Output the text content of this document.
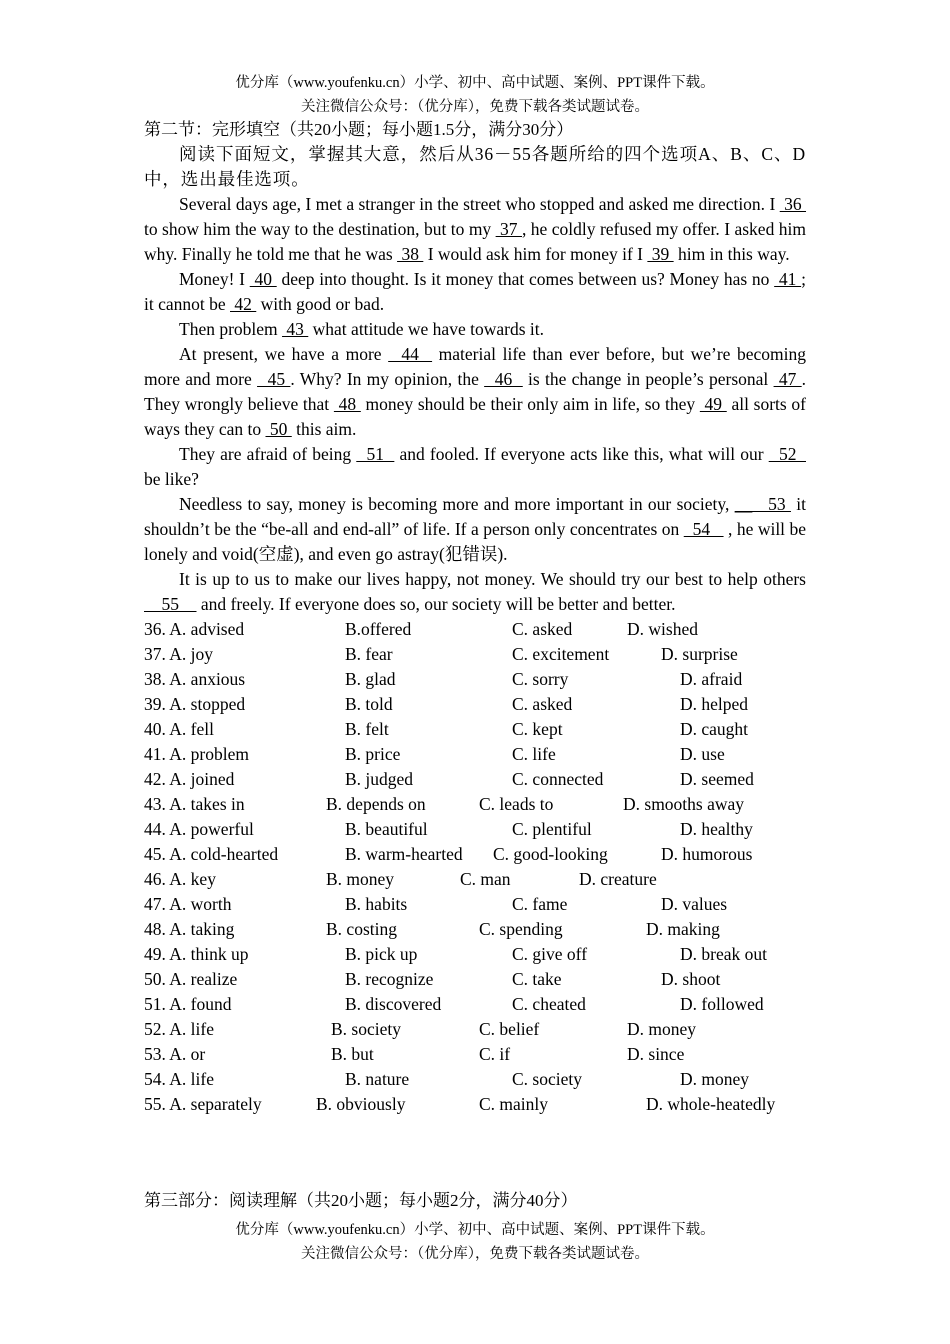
优分库（www.youfenku.cn）小学、初中、高中试题、案例、PPT课件下载。
关注微信公众号：（优分库），免费下载各类试题试卷。

第二节：完形填空（共20小题；每小题1.5分，满分30分）

阅读下面短文，掌握其大意，然后从36－55各题所给的四个选项A、B、C、D中，选出最佳选项。

Several days age, I met a stranger in the street who stopped and asked me direction. I  36  to show him the way to the destination, but to my  37 , he coldly refused my offer. I asked him why. Finally he told me that he was  38  I would ask him for money if I  39  him in this way.

Money! I  40  deep into thought. Is it money that comes between us? Money has no  41 ; it cannot be  42  with good or bad.

Then problem  43  what attitude we have towards it.

At present, we have a more   44   material life than ever before, but we’re becoming more and more   45 . Why? In my opinion, the   46   is the change in people’s personal  47 . They wrongly believe that  48  money should be their only aim in life, so they  49  all sorts of ways they can to  50  this aim.

They are afraid of being   51   and fooled. If everyone acts like this, what will our   52   be like?

Needless to say, money is becoming more and more important in our society, __   53  it shouldn’t be the “be-all and end-all” of life. If a person only concentrates on   54    , he will be lonely and void(空虚), and even go astray(犯错误).

It is up to us to make our lives happy, not money. We should try our best to help others     55     and freely. If everyone does so, our society will be better and better.

36. A. advised	B.offered	C. asked	D. wished
37. A. joy	B. fear	C. excitement	D. surprise
38. A. anxious	B. glad	C. sorry	D. afraid
39. A. stopped	B. told	C. asked	D. helped
40. A. fell	B. felt	C. kept	D. caught
41. A. problem	B. price	C. life	D. use
42. A. joined	B. judged	C. connected	D. seemed
43. A. takes in	B. depends on	C. leads to	D. smooths away
44. A. powerful	B. beautiful	C. plentiful	D. healthy
45. A. cold-hearted	B. warm-hearted C. good-looking	D. humorous
46. A. key	B. money	C. man	D. creature
47. A. worth	B. habits	C. fame	D. values
48. A. taking	B. costing	C. spending	D. making
49. A. think up	B. pick up	C. give off	D. break out
50. A. realize	B. recognize	C. take	D. shoot
51. A. found	B. discovered	C. cheated	D. followed
52. A. life	B. society	C. belief	D. money
53. A. or	B. but	C. if	D. since
54. A. life	B. nature	C. society	D. money
55. A. separately	B. obviously	C. mainly	D. whole-heatedly
第三部分：阅读理解（共20小题；每小题2分，满分40分）
优分库（www.youfenku.cn）小学、初中、高中试题、案例、PPT课件下载。
关注微信公众号：（优分库），免费下载各类试题试卷。
